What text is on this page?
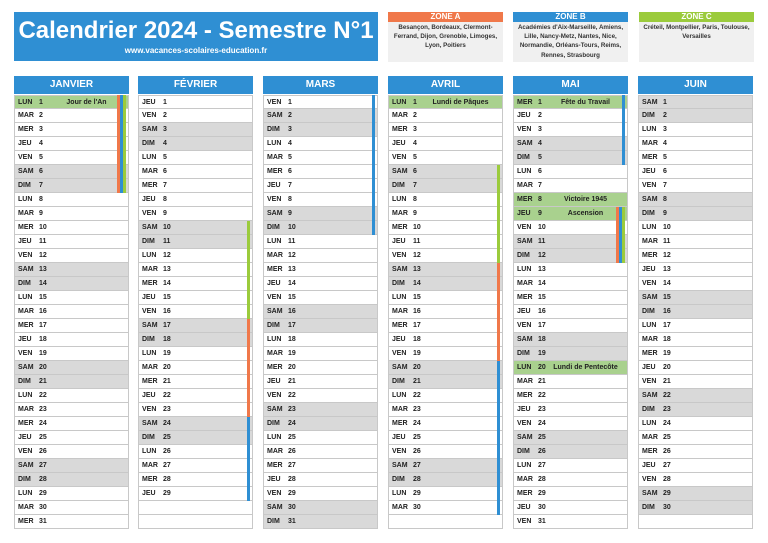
Calendrier 2024 - Semestre N°1
www.vacances-scolaires-education.fr
ZONE A
Besançon, Bordeaux, Clermont-Ferrand, Dijon, Grenoble, Limoges, Lyon, Poitiers
ZONE B
Académies d'Aix-Marseille, Amiens, Lille, Nancy-Metz, Nantes, Nice, Normandie, Orléans-Tours, Reims, Rennes, Strasbourg
ZONE C
Créteil, Montpellier, Paris, Toulouse, Versailles
JANVIER
LUN 1	Jour de l'An
MAR 2
MER 3
JEU 4
VEN 5
SAM 6
DIM 7
LUN 8
MAR 9
MER 10
JEU 11
VEN 12
SAM 13
DIM 14
LUN 15
MAR 16
MER 17
JEU 18
VEN 19
SAM 20
DIM 21
LUN 22
MAR 23
MER 24
JEU 25
VEN 26
SAM 27
DIM 28
LUN 29
MAR 30
MER 31
FÉVRIER
JEU 1
VEN 2
SAM 3
DIM 4
LUN 5
MAR 6
MER 7
JEU 8
VEN 9
SAM 10
DIM 11
LUN 12
MAR 13
MER 14
JEU 15
VEN 16
SAM 17
DIM 18
LUN 19
MAR 20
MER 21
JEU 22
VEN 23
SAM 24
DIM 25
LUN 26
MAR 27
MER 28
JEU 29
MARS
VEN 1
SAM 2
DIM 3
LUN 4
MAR 5
MER 6
JEU 7
VEN 8
SAM 9
DIM 10
LUN 11
MAR 12
MER 13
JEU 14
VEN 15
SAM 16
DIM 17
LUN 18
MAR 19
MER 20
JEU 21
VEN 22
SAM 23
DIM 24
LUN 25
MAR 26
MER 27
JEU 28
VEN 29
SAM 30
DIM 31
AVRIL
LUN 1	Lundi de Pâques
MAR 2
MER 3
JEU 4
VEN 5
SAM 6
DIM 7
LUN 8
MAR 9
MER 10
JEU 11
VEN 12
SAM 13
DIM 14
LUN 15
MAR 16
MER 17
JEU 18
VEN 19
SAM 20
DIM 21
LUN 22
MAR 23
MER 24
JEU 25
VEN 26
SAM 27
DIM 28
LUN 29
MAR 30
MAI
MER 1	Fête du Travail
JEU 2
VEN 3
SAM 4
DIM 5
LUN 6
MAR 7
MER 8	Victoire 1945
JEU 9	Ascension
VEN 10
SAM 11
DIM 12
LUN 13
MAR 14
MER 15
JEU 16
VEN 17
SAM 18
DIM 19
LUN 20 Lundi de Pentecôte
MAR 21
MER 22
JEU 23
VEN 24
SAM 25
DIM 26
LUN 27
MAR 28
MER 29
JEU 30
VEN 31
JUIN
SAM 1
DIM 2
LUN 3
MAR 4
MER 5
JEU 6
VEN 7
SAM 8
DIM 9
LUN 10
MAR 11
MER 12
JEU 13
VEN 14
SAM 15
DIM 16
LUN 17
MAR 18
MER 19
JEU 20
VEN 21
SAM 22
DIM 23
LUN 24
MAR 25
MER 26
JEU 27
VEN 28
SAM 29
DIM 30
